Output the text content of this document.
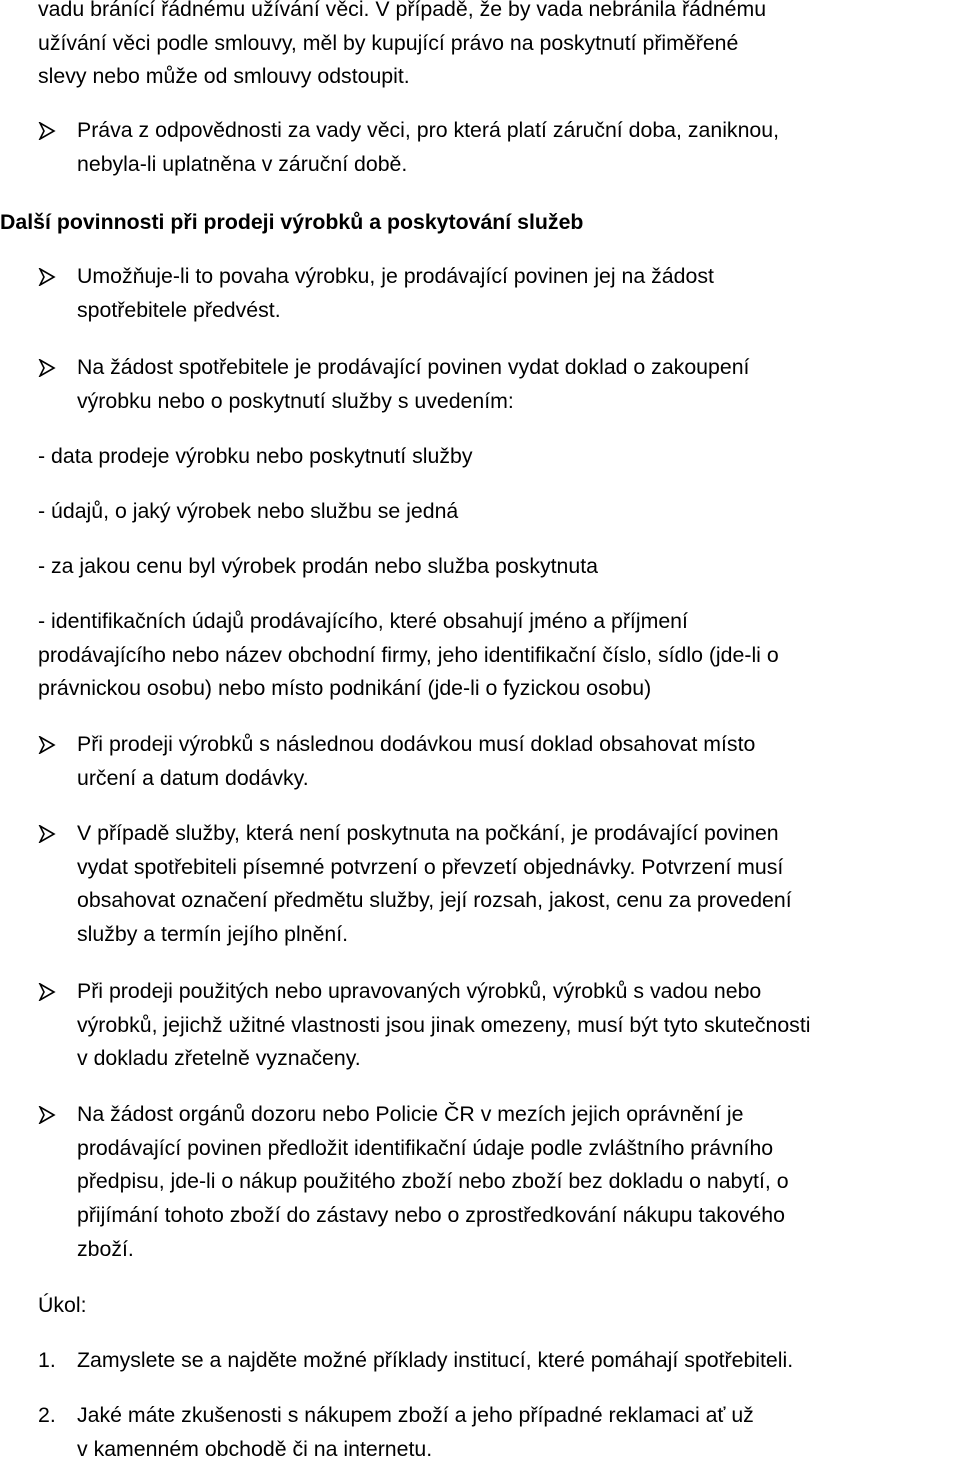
vadu bránící řádnému užívání věci. V případě, že by vada nebránila řádnému
užívání věci podle smlouvy, měl by kupující právo na poskytnutí přiměřené
slevy nebo může od smlouvy odstoupit.
Práva z odpovědnosti za vady věci, pro která platí záruční doba, zaniknou,
nebyla-li uplatněna v záruční době.
Další povinnosti při prodeji výrobků a poskytování služeb
Umožňuje-li to povaha výrobku, je prodávající povinen jej na žádost
spotřebitele předvést.
Na žádost spotřebitele je prodávající povinen vydat doklad o zakoupení
výrobku nebo o poskytnutí služby s uvedením:
- data prodeje výrobku nebo poskytnutí služby
- údajů, o jaký výrobek nebo službu se jedná
- za jakou cenu byl výrobek prodán nebo služba poskytnuta
- identifikačních údajů prodávajícího, které obsahují jméno a příjmení
prodávajícího nebo název obchodní firmy, jeho identifikační číslo, sídlo (jde-li o
právnickou osobu) nebo místo podnikání (jde-li o fyzickou osobu)
Při prodeji výrobků s následnou dodávkou musí doklad obsahovat místo
určení a datum dodávky.
V případě služby, která není poskytnuta na počkání, je prodávající povinen
vydat spotřebiteli písemné potvrzení o převzetí objednávky. Potvrzení musí
obsahovat označení předmětu služby, její rozsah, jakost, cenu za provedení
služby a termín jejího plnění.
Při prodeji použitých nebo upravovaných výrobků, výrobků s vadou nebo
výrobků, jejichž užitné vlastnosti jsou jinak omezeny, musí být tyto skutečnosti
v dokladu zřetelně vyznačeny.
Na žádost orgánů dozoru nebo Policie ČR v mezích jejich oprávnění je
prodávající povinen předložit identifikační údaje podle zvláštního právního
předpisu, jde-li o nákup použitého zboží nebo zboží bez dokladu o nabytí, o
přijímání tohoto zboží do zástavy nebo o zprostředkování nákupu takového
zboží.
Úkol:
1. Zamyslete se a najděte možné příklady institucí, které pomáhají spotřebiteli.
2. Jaké máte zkušenosti s nákupem zboží a jeho případné reklamaci ať už
v kamenném obchodě či na internetu.
